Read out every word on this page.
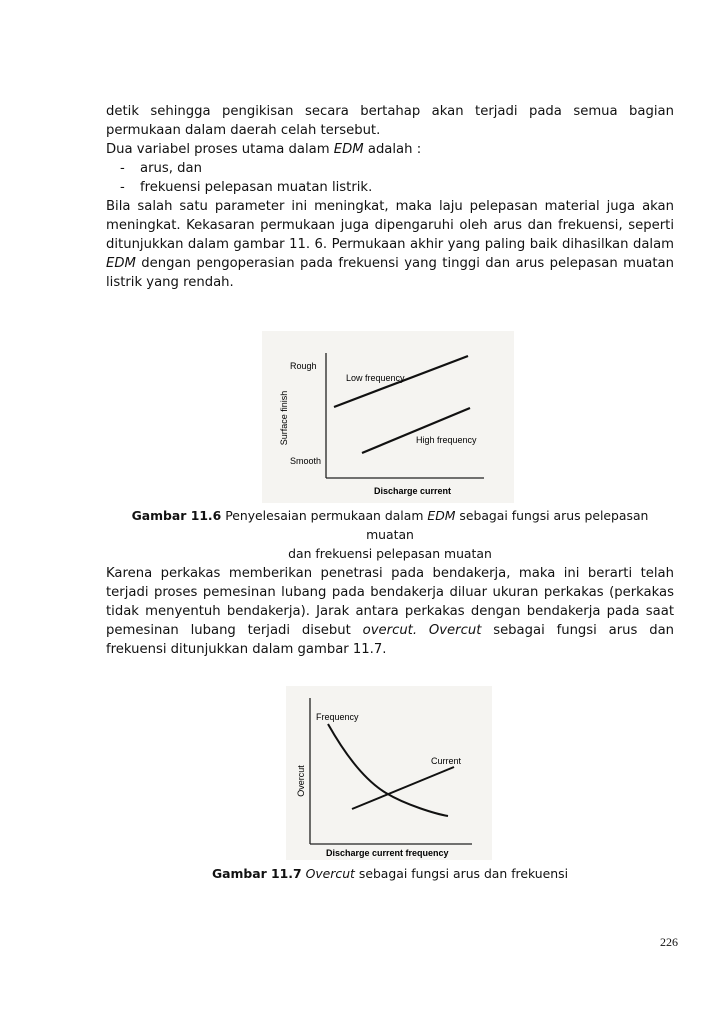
detik sehingga pengikisan secara bertahap akan terjadi pada semua bagian

permukaan dalam daerah celah tersebut.

Dua variabel proses utama dalam EDM adalah :

-	arus, dan
-	frekuensi pelepasan muatan listrik.

Bila salah satu parameter ini meningkat, maka laju pelepasan material juga akan

meningkat. Kekasaran permukaan juga dipengaruhi oleh arus dan frekuensi, seperti

ditunjukkan dalam gambar 11. 6. Permukaan akhir yang paling baik dihasilkan dalam

EDM dengan pengoperasian pada frekuensi yang tinggi dan arus pelepasan muatan

listrik yang rendah.

Surface finish
Rough
Smooth
Low frequency
High frequency
Discharge current
Gambar 11.6 Penyelesaian permukaan dalam EDM sebagai fungsi arus pelepasan muatan
dan frekuensi pelepasan muatan

Karena perkakas memberikan penetrasi pada bendakerja, maka ini berarti telah

terjadi proses pemesinan lubang pada bendakerja diluar ukuran perkakas (perkakas

tidak menyentuh bendakerja). Jarak antara perkakas dengan bendakerja pada saat

pemesinan lubang terjadi disebut overcut. Overcut sebagai fungsi arus dan

frekuensi ditunjukkan dalam gambar 11.7.

Overcut
Frequency
Current
Discharge current frequency
Gambar 11.7 Overcut sebagai fungsi arus dan frekuensi
226
